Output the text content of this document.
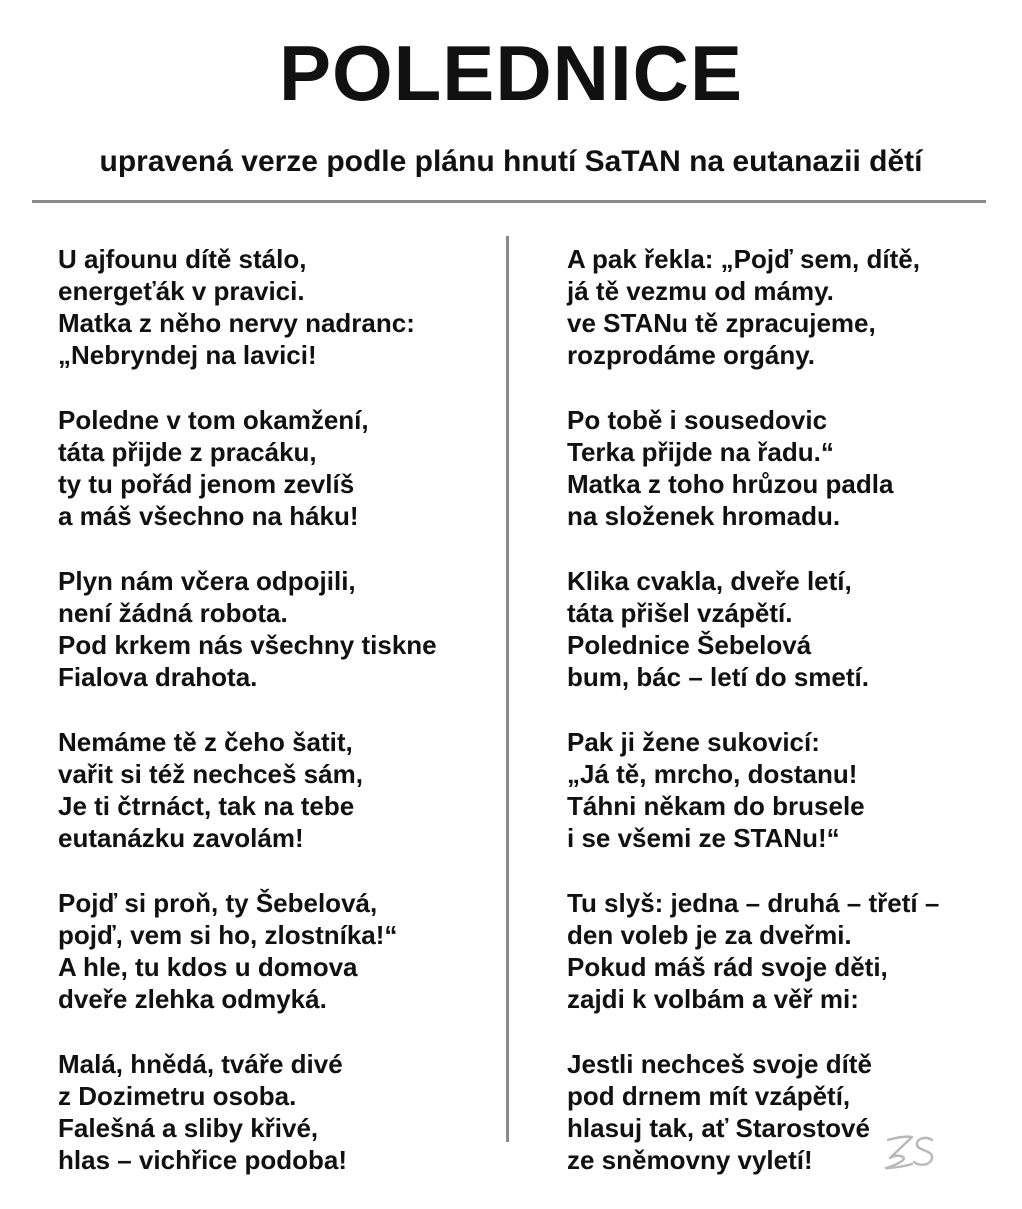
POLEDNICE
upravená verze podle plánu hnutí SaTAN na eutanazii dětí
U ajfounu dítě stálo,
energeťák v pravici.
Matka z něho nervy nadranc:
„Nebryndej na lavici!
Poledne v tom okamžení,
táta přijde z pracáku,
ty tu pořád jenom zevlíš
a máš všechno na háku!
Plyn nám včera odpojili,
není žádná robota.
Pod krkem nás všechny tiskne
Fialova drahota.
Nemáme tě z čeho šatit,
vařit si též nechceš sám,
Je ti čtrnáct, tak na tebe
eutanázku zavolám!
Pojď si proň, ty Šebelová,
pojď, vem si ho, zlostníka!“
A hle, tu kdos u domova
dveře zlehka odmyká.
Malá, hnědá, tváře divé
z Dozimetru osoba.
Falešná a sliby křivé,
hlas – vichřice podoba!
A pak řekla: „Pojď sem, dítě,
já tě vezmu od mámy.
ve STANu tě zpracujeme,
rozprodáme orgány.
Po tobě i sousedovic
Terka přijde na řadu.“
Matka z toho hrůzou padla
na složenek hromadu.
Klika cvakla, dveře letí,
táta přišel vzápětí.
Polednice Šebelová
bum, bác – letí do smetí.
Pak ji žene sukovicí:
„Já tě, mrcho, dostanu!
Táhni někam do brusele
i se všemi ze STANu!“
Tu slyš: jedna – druhá – třetí –
den voleb je za dveřmi.
Pokud máš rád svoje děti,
zajdi k volbám a věř mi:
Jestli nechceš svoje dítě
pod drnem mít vzápětí,
hlasuj tak, ať Starostové
ze sněmovny vyletí!
